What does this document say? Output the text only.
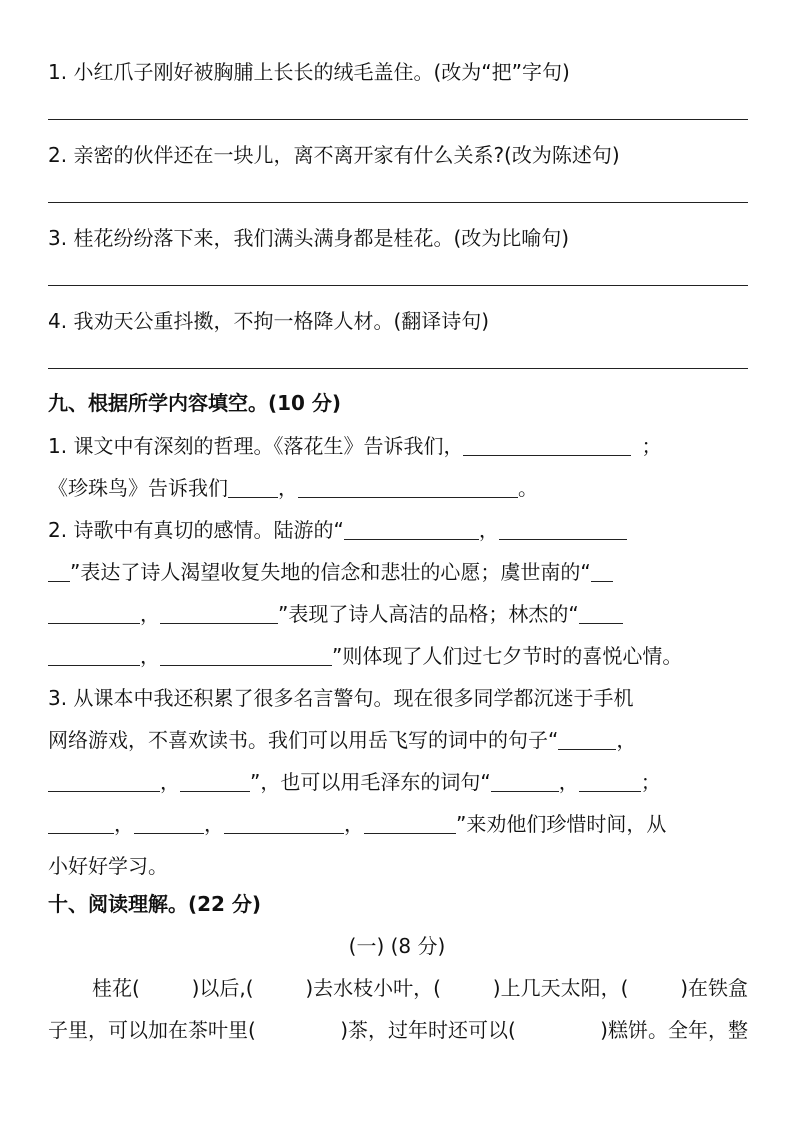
1. 小红爪子刚好被胸脯上长长的绒毛盖住。(改为“把”字句)
2. 亲密的伙伴还在一块儿，离不离开家有什么关系?(改为陈述句)
3. 桂花纷纷落下来，我们满头满身都是桂花。(改为比喻句)
4. 我劝天公重抖擞，不拘一格降人材。(翻译诗句)
九、根据所学内容填空。(10 分)
1. 课文中有深刻的哲理。《落花生》告诉我们，	；
《珍珠鸟》告诉我们	，	。
2. 诗歌中有真切的感情。陆游的“	，
”表达了诗人渴望收复失地的信念和悲壮的心愿；虞世南的“
，	”表现了诗人高洁的品格；林杰的“
，	”则体现了人们过七夕节时的喜悦心情。
3. 从课本中我还积累了很多名言警句。现在很多同学都沉迷于手机
网络游戏，不喜欢读书。我们可以用岳飞写的词中的句子“	，
，	”，也可以用毛泽东的词句“	，	；
，	，	，	”来劝他们珍惜时间，从
小好好学习。
十、阅读理解。(22 分)
(一) (8 分)
桂花(	)以后,(	)去水枝小叶，(	)上几天太阳，(	)在铁盒
子里，可以加在茶叶里(	)茶，过年时还可以(	)糕饼。全年，整
